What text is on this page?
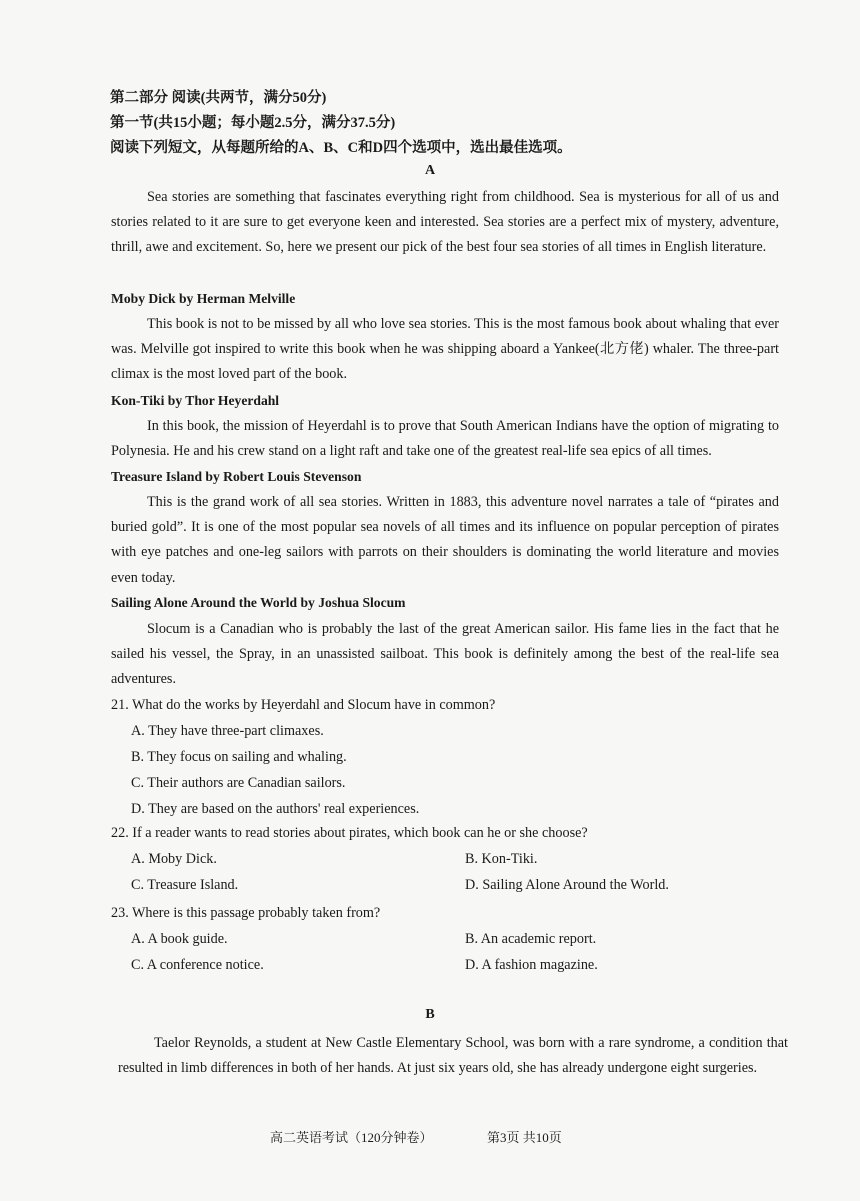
第二部分 阅读(共两节，满分50分)
第一节(共15小题；每小题2.5分，满分37.5分)
阅读下列短文，从每题所给的A、B、C和D四个选项中，选出最佳选项。
A
Sea stories are something that fascinates everything right from childhood. Sea is mysterious for all of us and stories related to it are sure to get everyone keen and interested. Sea stories are a perfect mix of mystery, adventure, thrill, awe and excitement. So, here we present our pick of the best four sea stories of all times in English literature.
Moby Dick by Herman Melville
This book is not to be missed by all who love sea stories. This is the most famous book about whaling that ever was. Melville got inspired to write this book when he was shipping aboard a Yankee(北方佬) whaler. The three-part climax is the most loved part of the book.
Kon-Tiki by Thor Heyerdahl
In this book, the mission of Heyerdahl is to prove that South American Indians have the option of migrating to Polynesia. He and his crew stand on a light raft and take one of the greatest real-life sea epics of all times.
Treasure Island by Robert Louis Stevenson
This is the grand work of all sea stories. Written in 1883, this adventure novel narrates a tale of “pirates and buried gold”. It is one of the most popular sea novels of all times and its influence on popular perception of pirates with eye patches and one-leg sailors with parrots on their shoulders is dominating the world literature and movies even today.
Sailing Alone Around the World by Joshua Slocum
Slocum is a Canadian who is probably the last of the great American sailor. His fame lies in the fact that he sailed his vessel, the Spray, in an unassisted sailboat. This book is definitely among the best of the real-life sea adventures.
21. What do the works by Heyerdahl and Slocum have in common?
A. They have three-part climaxes.
B. They focus on sailing and whaling.
C. Their authors are Canadian sailors.
D. They are based on the authors' real experiences.
22. If a reader wants to read stories about pirates, which book can he or she choose?
A. Moby Dick.	B. Kon-Tiki.
C. Treasure Island.	D. Sailing Alone Around the World.
23. Where is this passage probably taken from?
A. A book guide.	B. An academic report.
C. A conference notice.	D. A fashion magazine.
B
Taelor Reynolds, a student at New Castle Elementary School, was born with a rare syndrome, a condition that resulted in limb differences in both of her hands. At just six years old, she has already undergone eight surgeries.
高二英语考试（120分钟卷）	第3页 共10页
